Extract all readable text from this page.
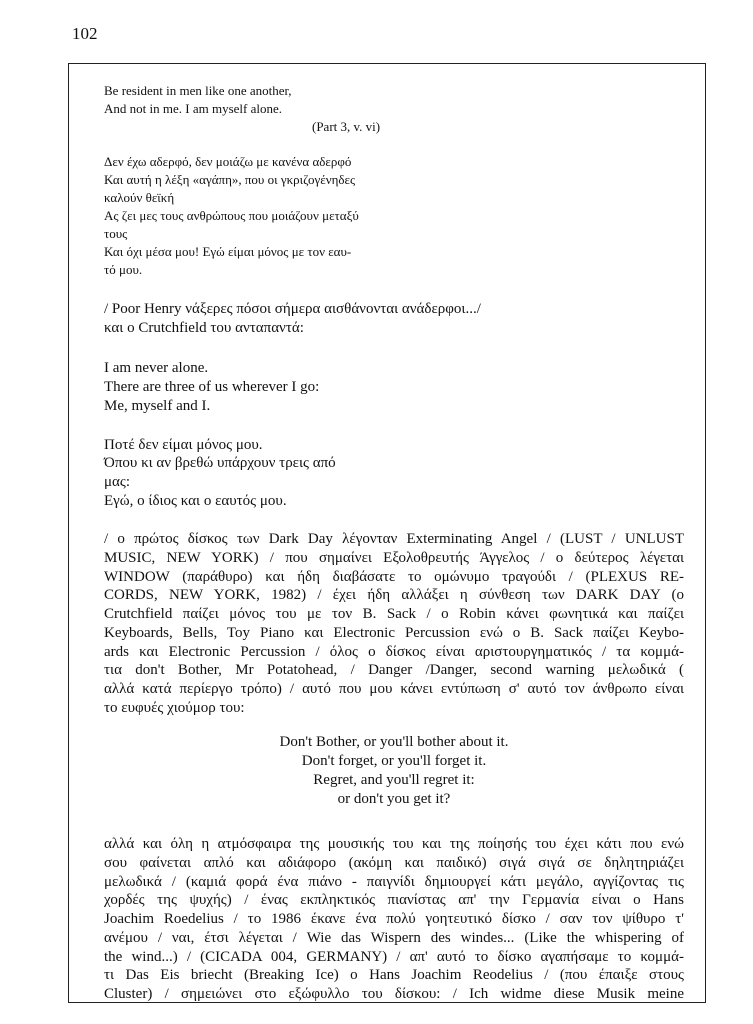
102
Be resident in men like one another,
And not in me. I am myself alone.
(Part 3, v. vi)
Δεν έχω αδερφό, δεν μοιάζω με κανένα αδερφό
Και αυτή η λέξη «αγάπη», που οι γκριζογένηδες
καλούν θεϊκή
Ας ζει μες τους ανθρώπους που μοιάζουν μεταξύ
τους
Και όχι μέσα μου! Εγώ είμαι μόνος με τον εαυ-
τό μου.
/ Poor Henry νάξερες πόσοι σήμερα αισθάνονται ανάδερφοι.../
και ο Crutchfield του ανταπαντά:
I am never alone.
There are three of us wherever I go:
Me, myself and I.
Ποτέ δεν είμαι μόνος μου.
Όπου κι αν βρεθώ υπάρχουν τρεις από
μας:
Εγώ, ο ίδιος και ο εαυτός μου.
/ ο πρώτος δίσκος των Dark Day λέγονταν Exterminating Angel / (LUST / UNLUST
MUSIC, NEW YORK) / που σημαίνει Εξολοθρευτής Άγγελος / ο δεύτερος λέγεται
WINDOW (παράθυρο) και ήδη διαβάσατε το ομώνυμο τραγούδι / (PLEXUS RE-
CORDS, NEW YORK, 1982) / έχει ήδη αλλάξει η σύνθεση των DARK DAY (ο
Crutchfield παίζει μόνος του με τον B. Sack / ο Robin κάνει φωνητικά και παίζει
Keyboards, Bells, Toy Piano και Electronic Percussion ενώ ο B. Sack παίζει Keybo-
ards και Electronic Percussion / όλος ο δίσκος είναι αριστουργηματικός / τα κομμά-
τια don't Bother, Mr Potatohead, / Danger /Danger, second warning μελωδικά (
αλλά κατά περίεργο τρόπο) / αυτό που μου κάνει εντύπωση σ' αυτό τον άνθρωπο είναι
το ευφυές χιούμορ του:
Don't Bother, or you'll bother about it.
Don't forget, or you'll forget it.
Regret, and you'll regret it:
or don't you get it?
αλλά και όλη η ατμόσφαιρα της μουσικής του και της ποίησής του έχει κάτι που ενώ
σου φαίνεται απλό και αδιάφορο (ακόμη και παιδικό) σιγά σιγά σε δηλητηριάζει
μελωδικά / (καμιά φορά ένα πιάνο - παιγνίδι δημιουργεί κάτι μεγάλο, αγγίζοντας τις
χορδές της ψυχής) / ένας εκπληκτικός πιανίστας απ' την Γερμανία είναι ο Hans
Joachim Roedelius / το 1986 έκανε ένα πολύ γοητευτικό δίσκο / σαν τον ψίθυρο τ'
ανέμου / ναι, έτσι λέγεται / Wie das Wispern des windes... (Like the whispering of
the wind...) / (CICADA 004, GERMANY) / απ' αυτό το δίσκο αγαπήσαμε το κομμά-
τι Das Eis briecht (Breaking Ice) ο Hans Joachim Reodelius / (που έπαιξε στους
Cluster) / σημειώνει στο εξώφυλλο του δίσκου: / Ich widme diese Musik meine
